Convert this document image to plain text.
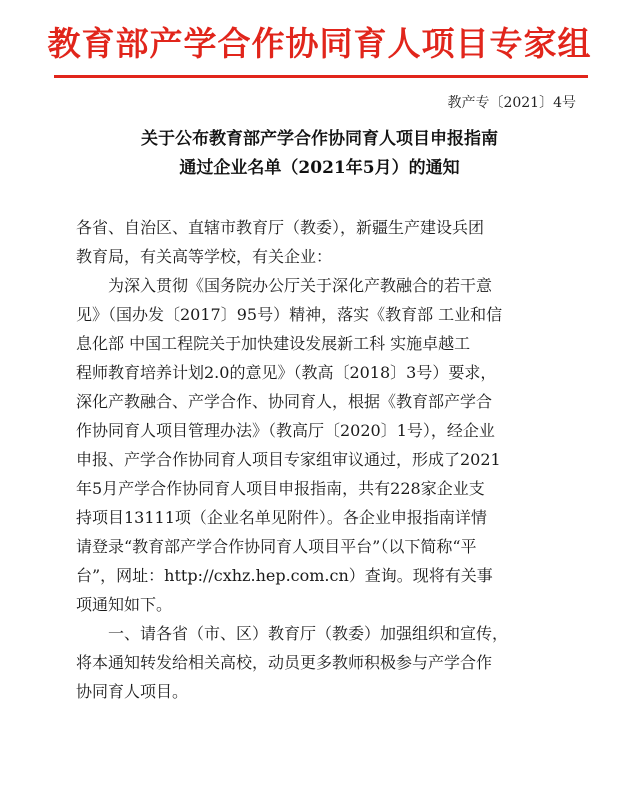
教育部产学合作协同育人项目专家组
教产专〔2021〕4号
关于公布教育部产学合作协同育人项目申报指南
通过企业名单（2021年5月）的通知
各省、自治区、直辖市教育厅（教委），新疆生产建设兵团
教育局，有关高等学校，有关企业：
　　为深入贯彻《国务院办公厅关于深化产教融合的若干意
见》（国办发〔2017〕95号）精神，落实《教育部 工业和信
息化部 中国工程院关于加快建设发展新工科 实施卓越工
程师教育培养计划2.0的意见》（教高〔2018〕3号）要求，
深化产教融合、产学合作、协同育人，根据《教育部产学合
作协同育人项目管理办法》（教高厅〔2020〕1号），经企业
申报、产学合作协同育人项目专家组审议通过，形成了2021
年5月产学合作协同育人项目申报指南，共有228家企业支
持项目13111项（企业名单见附件）。各企业申报指南详情
请登录“教育部产学合作协同育人项目平台”（以下简称“平
台”，网址：http://cxhz.hep.com.cn）查询。现将有关事
项通知如下。
　　一、请各省（市、区）教育厅（教委）加强组织和宣传，
将本通知转发给相关高校，动员更多教师积极参与产学合作
协同育人项目。
